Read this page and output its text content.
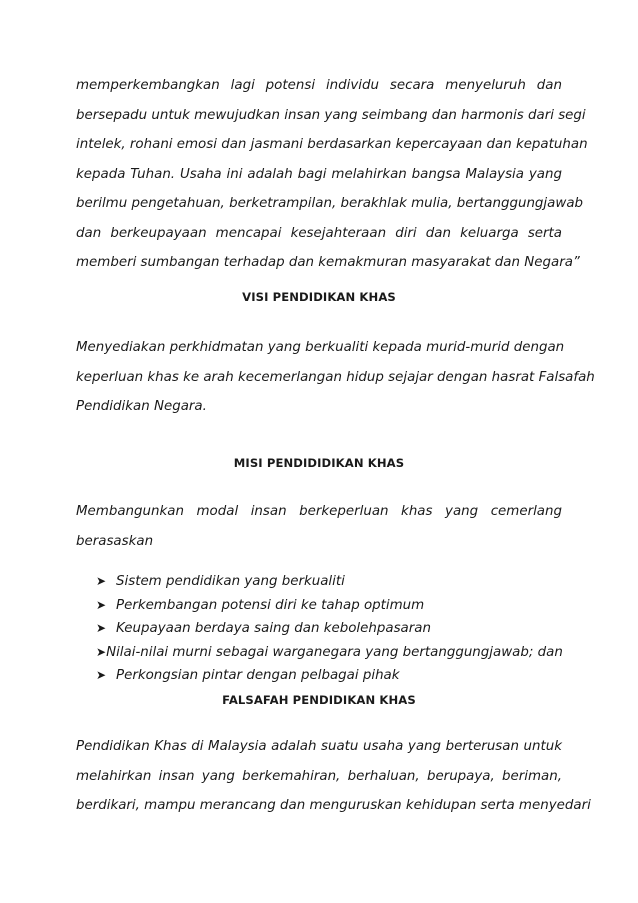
memperkembangkan lagi potensi individu secara menyeluruh dan
bersepadu untuk mewujudkan insan yang seimbang dan harmonis dari segi
intelek, rohani emosi dan jasmani berdasarkan kepercayaan dan kepatuhan
kepada Tuhan. Usaha ini adalah bagi melahirkan bangsa Malaysia yang
berilmu pengetahuan, berketrampilan, berakhlak mulia, bertanggungjawab
dan berkeupayaan mencapai kesejahteraan diri dan keluarga serta
memberi sumbangan terhadap dan kemakmuran masyarakat dan Negara”
VISI PENDIDIKAN KHAS
Menyediakan perkhidmatan yang berkualiti kepada murid-murid dengan
keperluan khas ke arah kecemerlangan hidup sejajar dengan hasrat Falsafah
Pendidikan Negara.
MISI PENDIDIDIKAN KHAS
Membangunkan modal insan berkeperluan khas yang cemerlang
berasaskan
➤ Sistem pendidikan yang berkualiti
➤ Perkembangan potensi diri ke tahap optimum
➤ Keupayaan berdaya saing dan kebolehpasaran
➤ Nilai-nilai murni sebagai warganegara yang bertanggungjawab; dan
➤ Perkongsian pintar dengan pelbagai pihak
FALSAFAH PENDIDIKAN KHAS
Pendidikan Khas di Malaysia adalah suatu usaha yang berterusan untuk
melahirkan insan yang berkemahiran, berhaluan, berupaya, beriman,
berdikari, mampu merancang dan menguruskan kehidupan serta menyedari
